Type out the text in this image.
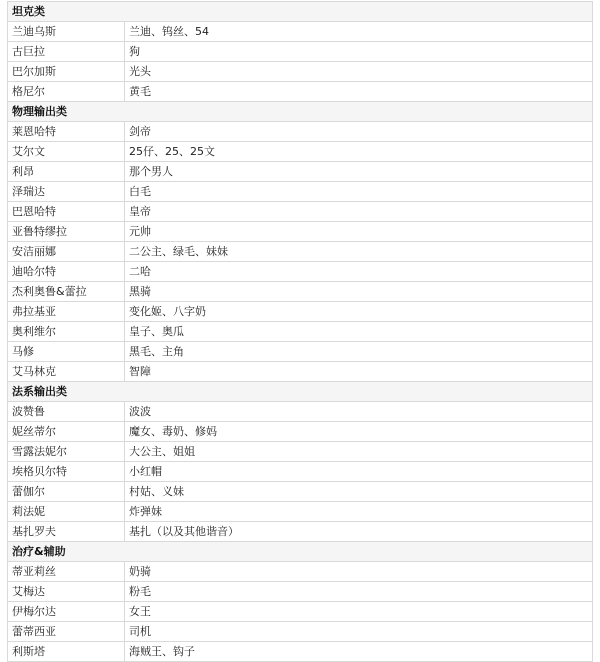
坦克类	
兰迪乌斯	兰迪、钨丝、54
古巨拉	狗
巴尔加斯	光头
格尼尔	黄毛
物理输出类	
莱恩哈特	剑帝
艾尔文	25仔、25、25文
利昂	那个男人
泽瑞达	白毛
巴恩哈特	皇帝
亚鲁特缪拉	元帅
安洁丽娜	二公主、绿毛、妹妹
迪哈尔特	二哈
杰利奥鲁&蕾拉	黑骑
弗拉基亚	变化姬、八字奶
奥利维尔	皇子、奥瓜
马修	黑毛、主角
艾马林克	智障
法系输出类	
波赞鲁	波波
妮丝蒂尔	魔女、毒奶、修妈
雪露法妮尔	大公主、姐姐
埃格贝尔特	小红帽
蕾伽尔	村姑、义妹
莉法妮	炸弹妹
基扎罗夫	基扎（以及其他谐音）
治疗&辅助	
蒂亚莉丝	奶骑
艾梅达	粉毛
伊梅尔达	女王
蕾蒂西亚	司机
利斯塔	海贼王、钩子
